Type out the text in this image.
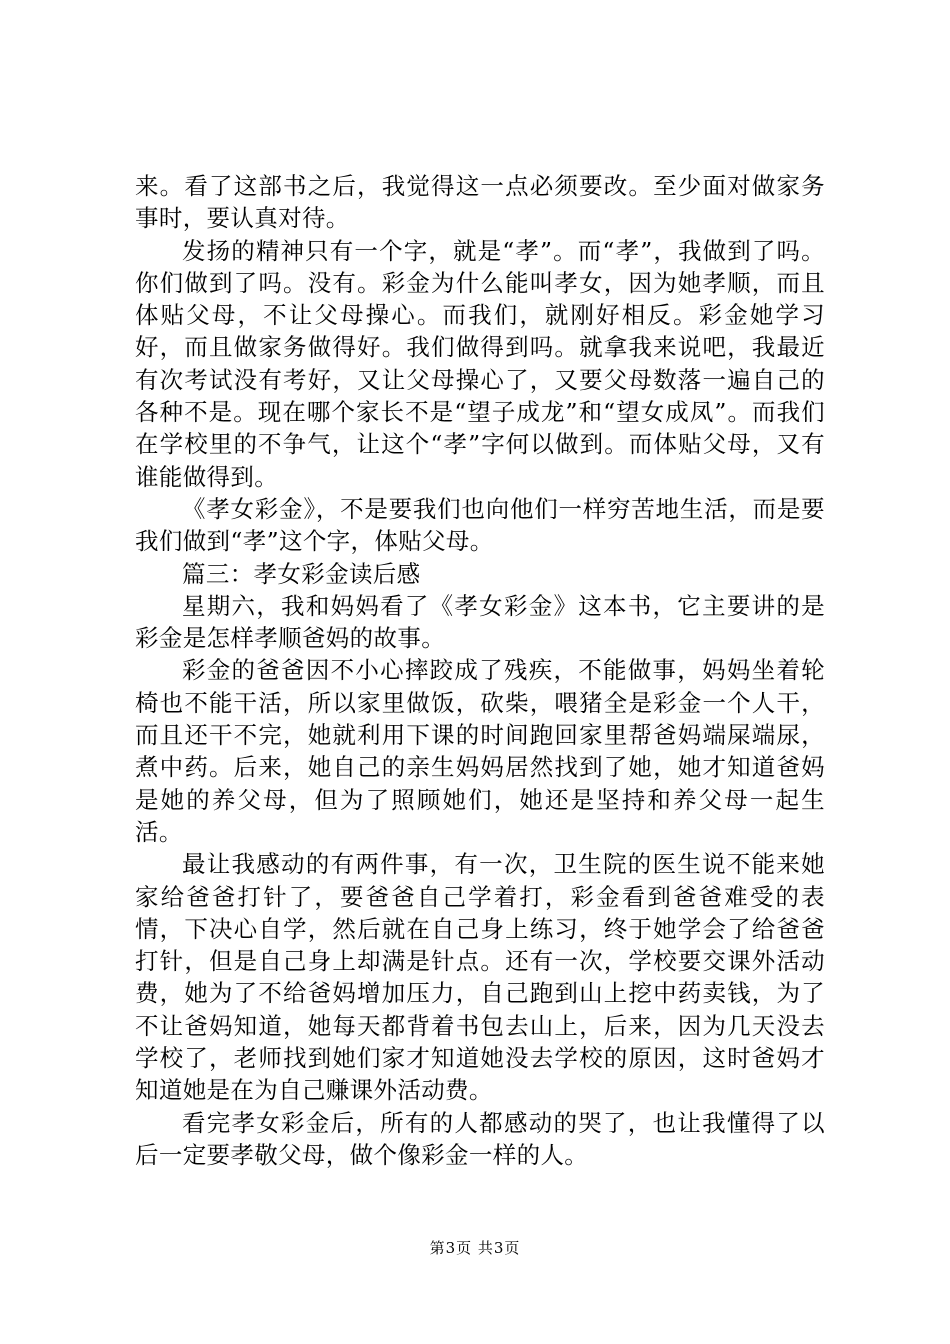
来。看了这部书之后，我觉得这一点必须要改。至少面对做家务事时，要认真对待。

发扬的精神只有一个字，就是“孝”。而“孝”，我做到了吗。你们做到了吗。没有。彩金为什么能叫孝女，因为她孝顺，而且体贴父母，不让父母操心。而我们，就刚好相反。彩金她学习好，而且做家务做得好。我们做得到吗。就拿我来说吧，我最近有次考试没有考好，又让父母操心了，又要父母数落一遍自己的各种不是。现在哪个家长不是“望子成龙”和“望女成凤”。而我们在学校里的不争气，让这个“孝”字何以做到。而体贴父母，又有谁能做得到。

《孝女彩金》，不是要我们也向他们一样穷苦地生活，而是要我们做到“孝”这个字，体贴父母。

篇三：孝女彩金读后感

星期六，我和妈妈看了《孝女彩金》这本书，它主要讲的是彩金是怎样孝顺爸妈的故事。

彩金的爸爸因不小心摔跤成了残疾，不能做事，妈妈坐着轮椅也不能干活，所以家里做饭，砍柴，喂猪全是彩金一个人干，而且还干不完，她就利用下课的时间跑回家里帮爸妈端屎端尿，煮中药。后来，她自己的亲生妈妈居然找到了她，她才知道爸妈是她的养父母，但为了照顾她们，她还是坚持和养父母一起生活。

最让我感动的有两件事，有一次，卫生院的医生说不能来她家给爸爸打针了，要爸爸自己学着打，彩金看到爸爸难受的表情，下决心自学，然后就在自己身上练习，终于她学会了给爸爸打针，但是自己身上却满是针点。还有一次，学校要交课外活动费，她为了不给爸妈增加压力，自己跑到山上挖中药卖钱，为了不让爸妈知道，她每天都背着书包去山上，后来，因为几天没去学校了，老师找到她们家才知道她没去学校的原因，这时爸妈才知道她是在为自己赚课外活动费。

看完孝女彩金后，所有的人都感动的哭了，也让我懂得了以后一定要孝敬父母，做个像彩金一样的人。

第3页 共3页
